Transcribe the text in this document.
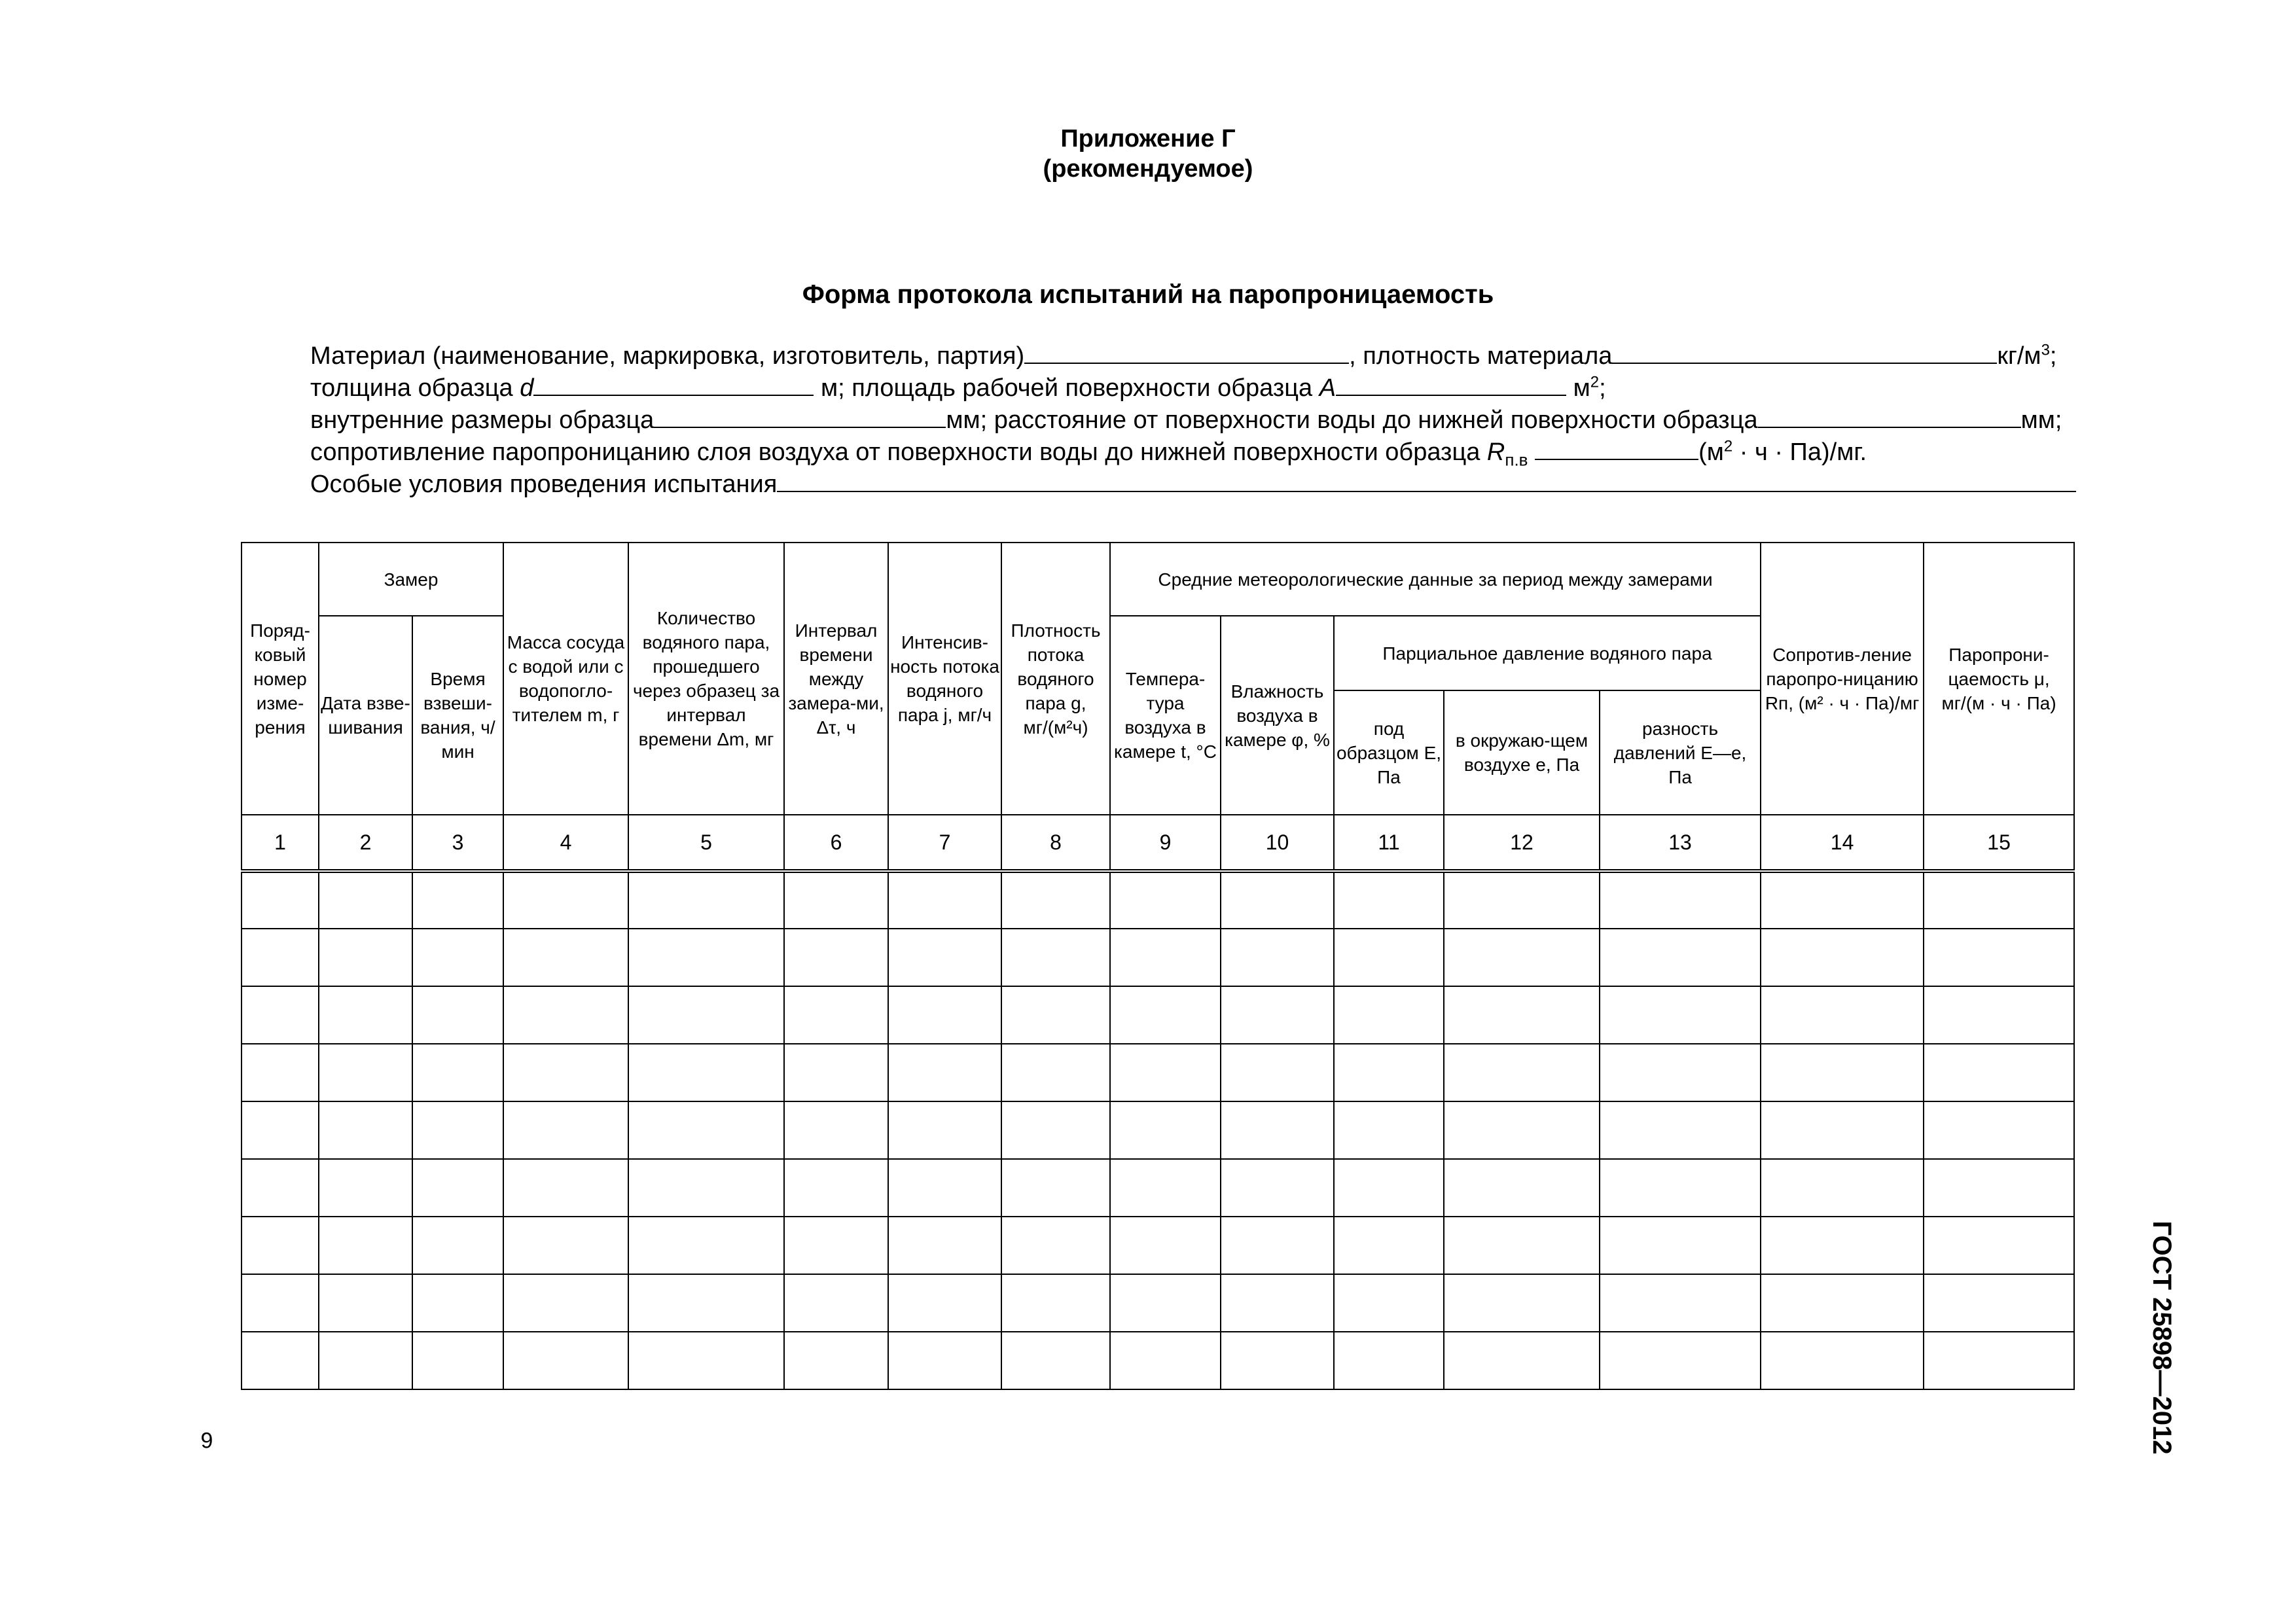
Приложение Г
(рекомендуемое)
Форма протокола испытаний на паропроницаемость
Материал (наименование, маркировка, изготовитель, партия)	, плотность материала	$кг/м^3$;
толщина образца d	м; площадь рабочей поверхности образца A	$м^2$;
внутренние размеры образца	мм; расстояние от поверхности воды до нижней поверхности образца	мм;
сопротивление паропроницанию слоя воздуха от поверхности воды до нижней поверхности образца $R_{п.в}$	$(м^2 \cdot ч \cdot Па)/мг$.
Особые условия проведения испытания
Поряд-ковый номер изме-рения	Замер		Масса сосуда с водой или с водопогло-тителем m, г	Количество водяного пара, прошедшего через образец за интервал времени Δm, мг	Интервал времени между замера-ми, Δτ, ч	Интенсив-ность потока водяного пара j, мг/ч	Плотность потока водяного пара g, мг/(м²ч)	Средние метеорологические данные за период между замерами					Сопротив-ление паропро-ницанию Rп, (м² · ч · Па)/мг	Паропрони-цаемость μ, мг/(м · ч · Па)
	Дата взве-шивания	Время взвеши-вания, ч/мин						Темпера-тура воздуха в камере t, °С	Влажность воздуха в камере φ, %	Парциальное давление водяного пара				
										под образцом E, Па	в окружаю-щем воздухе e, Па	разность давлений E—e, Па		
1	2	3	4	5	6	7	8	9	10	11	12	13	14	15

6	ГОСТ 25898—2012
